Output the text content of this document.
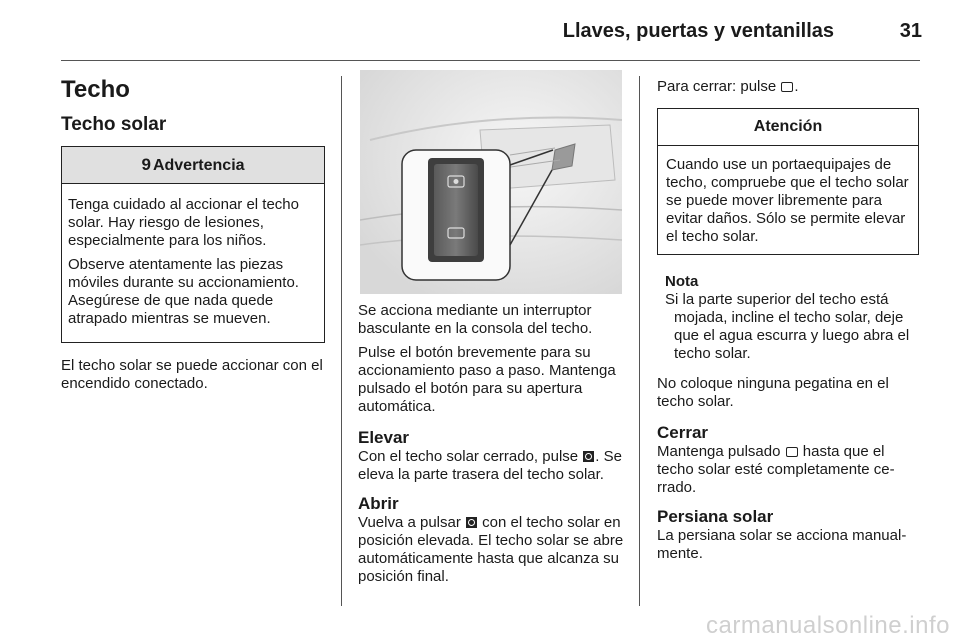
Llaves, puertas y ventanillas	31
Techo
Techo solar
9 Advertencia

Tenga cuidado al accionar el techo solar. Hay riesgo de lesiones, especialmente para los niños.

Observe atentamente las piezas móviles durante su accionamiento. Asegúrese de que nada quede atrapado mientras se mueven.

El techo solar se puede accionar con el encendido conectado.

Se acciona mediante un interruptor basculante en la consola del techo.

Pulse el botón brevemente para su accionamiento paso a paso. Mantenga pulsado el botón para su apertura automática.

Elevar

Con el techo solar cerrado, pulse . Se eleva la parte trasera del techo solar.

Abrir

Vuelva a pulsar  con el techo solar en posición elevada. El techo solar se abre automáticamente hasta que alcanza su posición final.

Para cerrar: pulse .

Atención

Cuando use un portaequipajes de techo, compruebe que el techo solar se puede mover libremente para evitar daños. Sólo se permite elevar el techo solar.

Nota
Si la parte superior del techo está mojada, incline el techo solar, deje que el agua escurra y luego abra el techo solar.

No coloque ninguna pegatina en el techo solar.

Cerrar

Mantenga pulsado  hasta que el techo solar esté completamente cerrado.

Persiana solar

La persiana solar se acciona manualmente.

carmanualsonline.info
